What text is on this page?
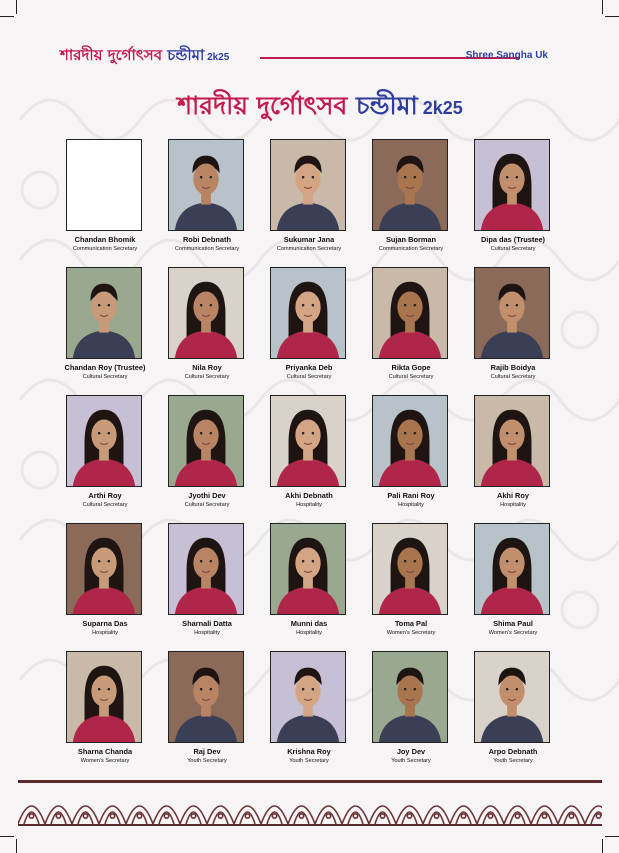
শারদীয় দুর্গোৎসব চন্ডীমা 2k25	Shree Sangha Uk
শারদীয় দুর্গোৎসব চন্ডীমা 2k25
Chandan Bhomik
Communication Secretary
Robi Debnath
Communication Secretary
Sukumar Jana
Communication Secretary
Sujan Borman
Communication Secretary
Dipa das (Trustee)
Cultural Secretary
Chandan Roy (Trustee)
Cultural Secretary
Nila Roy
Cultural Secretary
Priyanka Deb
Cultural Secretary
Rikta Gope
Cultural Secretary
Rajib Boidya
Cultural Secretary
Arthi Roy
Cultural Secretary
Jyothi Dev
Cultural Secretary
Akhi Debnath
Hospitality
Pali Rani Roy
Hospitality
Akhi Roy
Hospitality
Suparna Das
Hospitality
Sharnali Datta
Hospitality
Munni das
Hospitality
Toma Pal
Women's Secretary
Shima Paul
Women's Secretary
Sharna Chanda
Women's Secretary
Raj Dev
Youth Secretary
Krishna Roy
Youth Secretary
Joy Dev
Youth Secretary
Arpo Debnath
Youth Secretary
